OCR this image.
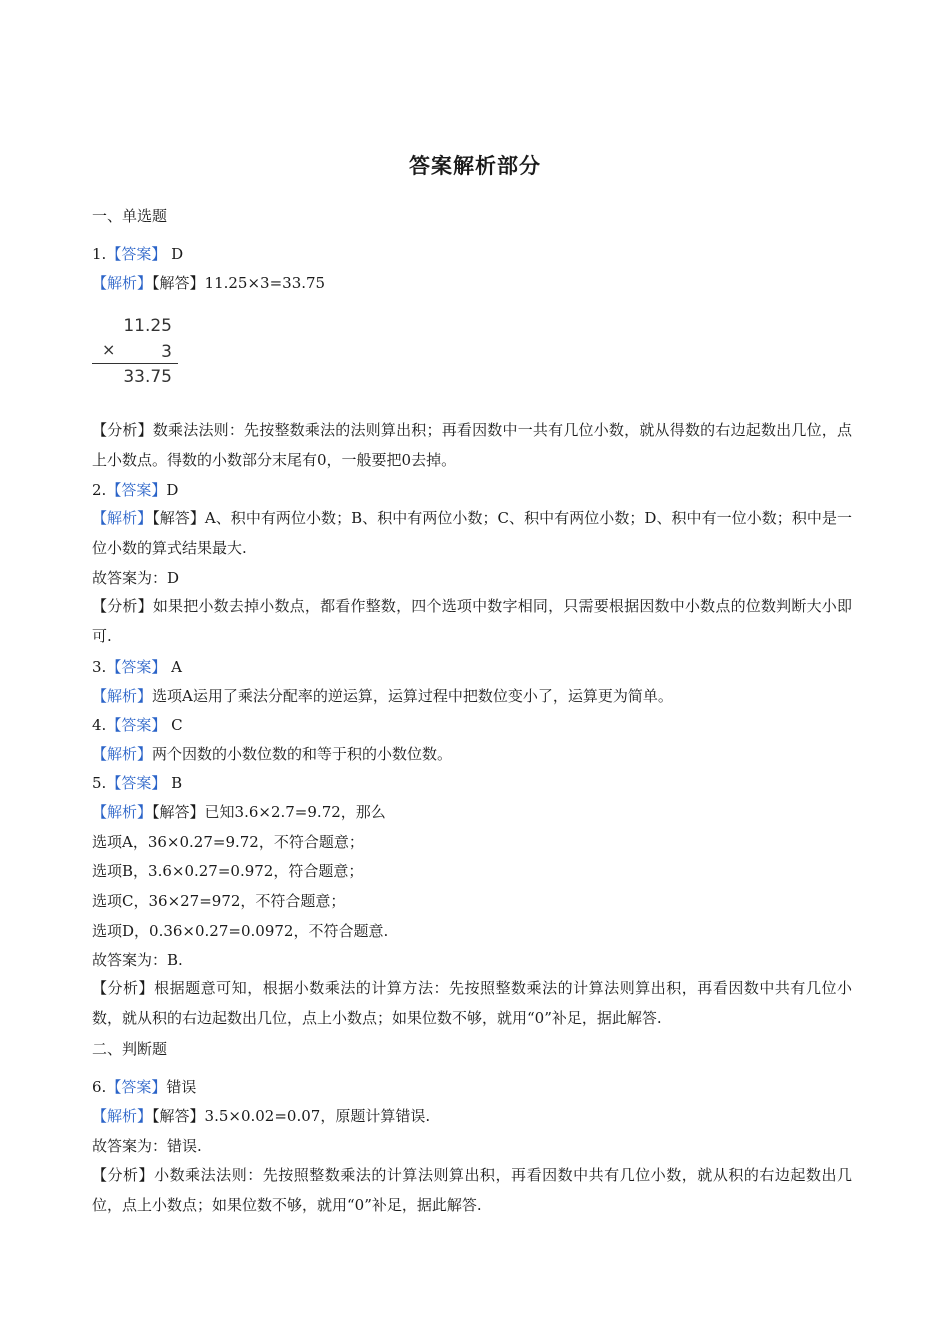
答案解析部分
一、单选题
1.【答案】 D
【解析】【解答】11.25×3=33.75
11.25
×	3
33.75
【分析】数乘法法则：先按整数乘法的法则算出积；再看因数中一共有几位小数，就从得数的右边起数出几位，点上小数点。得数的小数部分末尾有0，一般要把0去掉。
2.【答案】D
【解析】【解答】A、积中有两位小数；B、积中有两位小数；C、积中有两位小数；D、积中有一位小数；积中是一位小数的算式结果最大.
故答案为：D
【分析】如果把小数去掉小数点，都看作整数，四个选项中数字相同，只需要根据因数中小数点的位数判断大小即可.
3.【答案】 A
【解析】选项A运用了乘法分配率的逆运算，运算过程中把数位变小了，运算更为简单。
4.【答案】 C
【解析】两个因数的小数位数的和等于积的小数位数。
5.【答案】 B
【解析】【解答】已知3.6×2.7=9.72，那么
选项A，36×0.27=9.72，不符合题意；
选项B，3.6×0.27=0.972，符合题意；
选项C，36×27=972，不符合题意；
选项D，0.36×0.27=0.0972，不符合题意.
故答案为：B.
【分析】根据题意可知，根据小数乘法的计算方法：先按照整数乘法的计算法则算出积，再看因数中共有几位小数，就从积的右边起数出几位，点上小数点；如果位数不够，就用“0”补足，据此解答.
二、判断题
6.【答案】错误
【解析】【解答】3.5×0.02=0.07，原题计算错误.
故答案为：错误.
【分析】小数乘法法则：先按照整数乘法的计算法则算出积，再看因数中共有几位小数，就从积的右边起数出几位，点上小数点；如果位数不够，就用“0”补足，据此解答.
